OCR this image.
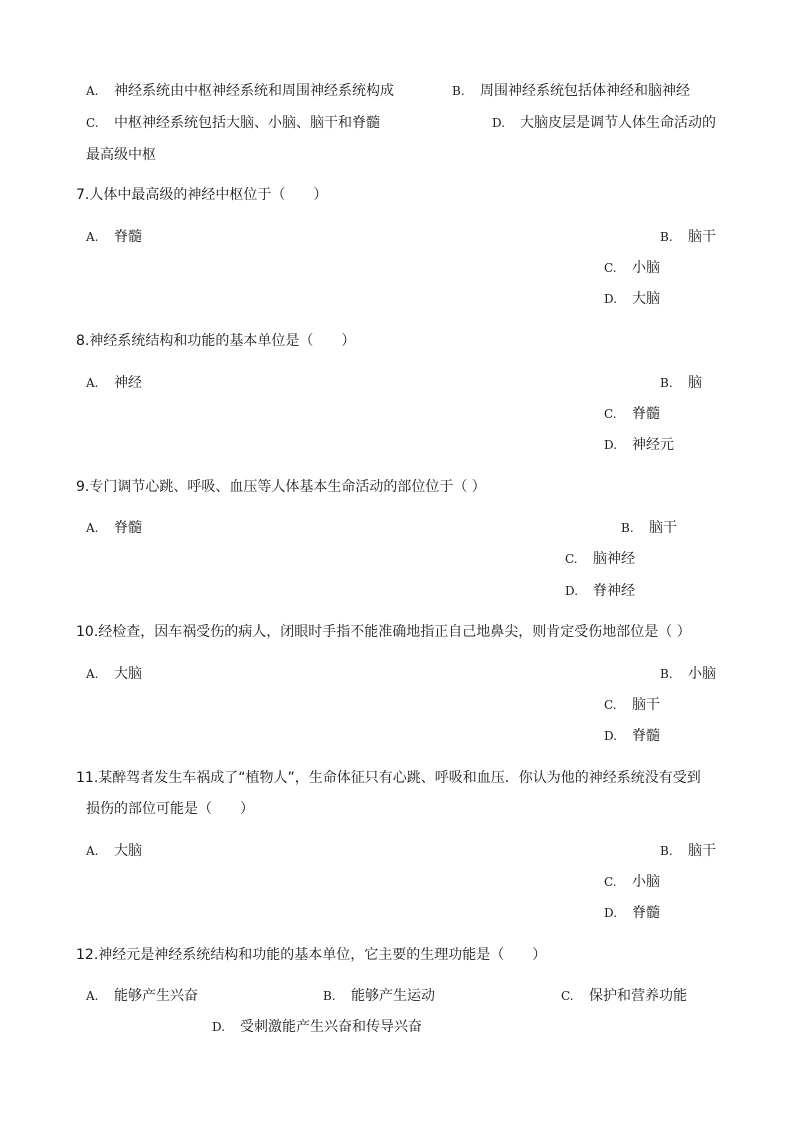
A. 神经系统由中枢神经系统和周围神经系统构成	B. 周围神经系统包括体神经和脑神经
C. 中枢神经系统包括大脑、小脑、脑干和脊髓	D. 大脑皮层是调节人体生命活动的
最高级中枢
7.人体中最高级的神经中枢位于（　　）
A. 脊髓	B. 脑干
C. 小脑
D. 大脑
8.神经系统结构和功能的基本单位是（　　）
A. 神经	B. 脑
C. 脊髓
D. 神经元
9.专门调节心跳、呼吸、血压等人体基本生命活动的部位位于（ ）
A. 脊髓	B. 脑干
C. 脑神经
D. 脊神经
10.经检查，因车祸受伤的病人，闭眼时手指不能准确地指正自己地鼻尖，则肯定受伤地部位是（ ）
A. 大脑	B. 小脑
C. 脑干
D. 脊髓
11.某醉驾者发生车祸成了“植物人”，生命体征只有心跳、呼吸和血压．你认为他的神经系统没有受到
损伤的部位可能是（　　）
A. 大脑	B. 脑干
C. 小脑
D. 脊髓
12.神经元是神经系统结构和功能的基本单位，它主要的生理功能是（　　）
A. 能够产生兴奋	B. 能够产生运动	C. 保护和营养功能
D. 受刺激能产生兴奋和传导兴奋
